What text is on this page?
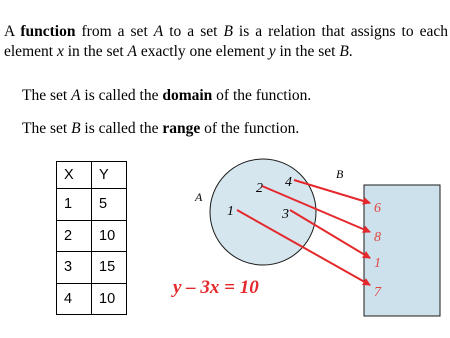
A function from a set A to a set B is a relation that assigns to each element x in the set A exactly one element y in the set B.
The set A is called the domain of the function.
The set B is called the range of the function.
X	Y
1	5
2	10
3	15
4	10
A
B
1
2
3
4
6
8
1
7
y – 3x = 10
